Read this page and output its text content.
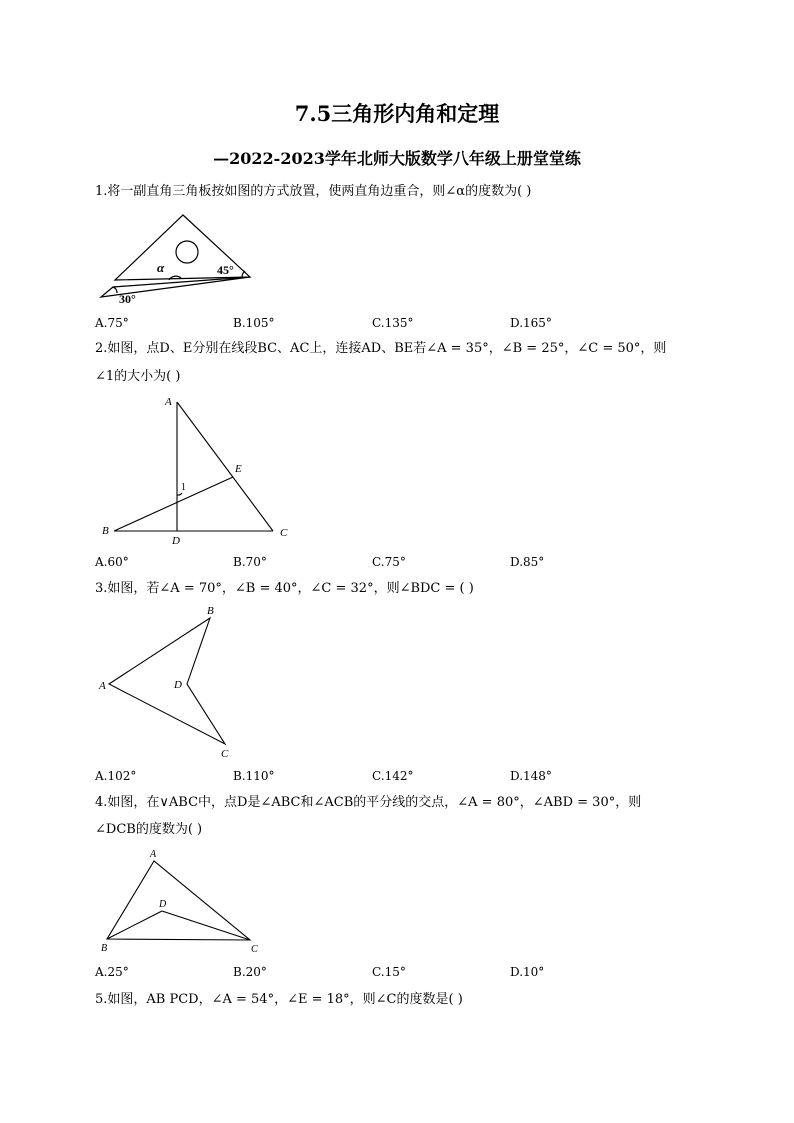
7.5三角形内角和定理
—2022-2023学年北师大版数学八年级上册堂堂练
1.将一副直角三角板按如图的方式放置，使两直角边重合，则∠α的度数为( )
α	45°
30°
A.75°	B.105°	C.135°	D.165°
2.如图，点D、E分别在线段BC、AC上，连接AD、BE若∠A = 35°，∠B = 25°，∠C = 50°，则
∠1的大小为( )
A
E
1
B
D
C
A.60°	B.70°	C.75°	D.85°
3.如图，若∠A = 70°，∠B = 40°，∠C = 32°，则∠BDC = ( )
B
A	D
C
A.102°	B.110°	C.142°	D.148°
4.如图，在∨ABC中，点D是∠ABC和∠ACB的平分线的交点，∠A = 80°，∠ABD = 30°，则
∠DCB的度数为( )
A
D
B	C
A.25°	B.20°	C.15°	D.10°
5.如图，AB PCD，∠A = 54°，∠E = 18°，则∠C的度数是( )
